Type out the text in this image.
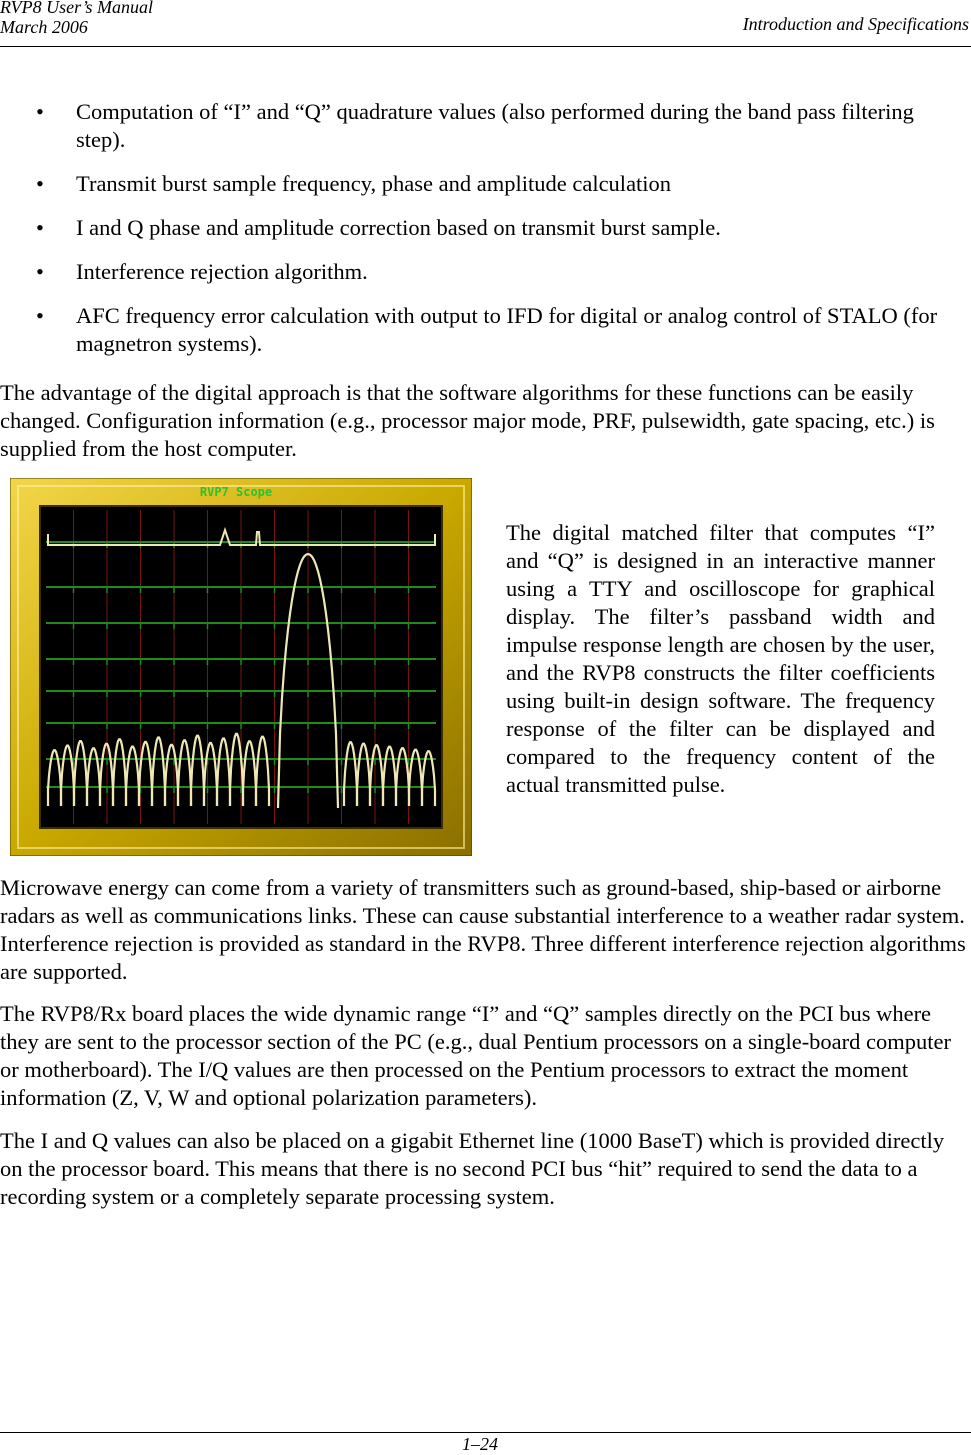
RVP8 User’s Manual
March 2006	Introduction and Specifications
• Computation of “I” and “Q” quadrature values (also performed during the band pass filtering step).
• Transmit burst sample frequency, phase and amplitude calculation
• I and Q phase and amplitude correction based on transmit burst sample.
• Interference rejection algorithm.
• AFC frequency error calculation with output to IFD for digital or analog control of STALO (for magnetron systems).

The advantage of the digital approach is that the software algorithms for these functions can be easily changed. Configuration information (e.g., processor major mode, PRF, pulsewidth, gate spacing, etc.) is supplied from the host computer.

RVP7 Scope

The digital matched filter that computes “I” and “Q” is designed in an interactive manner using a TTY and oscilloscope for graphical display. The filter’s passband width and impulse response length are chosen by the user, and the RVP8 constructs the filter coefficients using built-in design software. The frequency response of the filter can be displayed and compared to the frequency content of the actual transmitted pulse.

Microwave energy can come from a variety of transmitters such as ground-based, ship-based or airborne radars as well as communications links. These can cause substantial interference to a weather radar system. Interference rejection is provided as standard in the RVP8. Three different interference rejection algorithms are supported.

The RVP8/Rx board places the wide dynamic range “I” and “Q” samples directly on the PCI bus where they are sent to the processor section of the PC (e.g., dual Pentium processors on a single-board computer or motherboard). The I/Q values are then processed on the Pentium processors to extract the moment information (Z, V, W and optional polarization parameters).

The I and Q values can also be placed on a gigabit Ethernet line (1000 BaseT) which is provided directly on the processor board. This means that there is no second PCI bus “hit” required to send the data to a recording system or a completely separate processing system.

1–24
